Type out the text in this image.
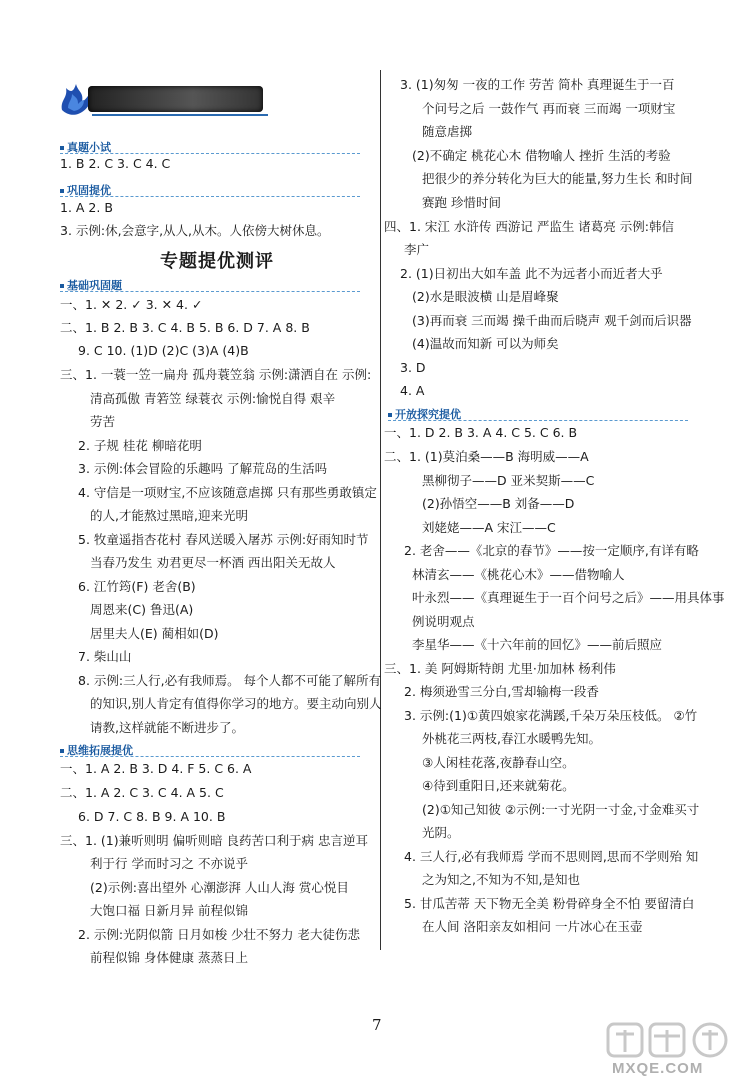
真题小试
1. B 2. C 3. C 4. C
巩固提优
1. A 2. B
3. 示例:休,会意字,从人,从木。人依傍大树休息。
专题提优测评
基础巩固题
一、1. ✕ 2. ✓ 3. ✕ 4. ✓
二、1. B 2. B 3. C 4. B 5. B 6. D 7. A 8. B
9. C 10. (1)D (2)C (3)A (4)B
三、1. 一蓑一笠一扁舟 孤舟蓑笠翁 示例:潇洒自在 示例:
清高孤傲 青箬笠 绿蓑衣 示例:愉悦自得 艰辛
劳苦
2. 子规 桂花 柳暗花明
3. 示例:体会冒险的乐趣吗 了解荒岛的生活吗
4. 守信是一项财宝,不应该随意虐掷 只有那些勇敢镇定
的人,才能熬过黑暗,迎来光明
5. 牧童遥指杏花村 春风送暖入屠苏 示例:好雨知时节
当春乃发生 劝君更尽一杯酒 西出阳关无故人
6. 江竹筠(F) 老舍(B)
周恩来(C) 鲁迅(A)
居里夫人(E) 蔺相如(D)
7. 柴山山
8. 示例:三人行,必有我师焉。 每个人都不可能了解所有
的知识,别人肯定有值得你学习的地方。要主动向别人
请教,这样就能不断进步了。
思维拓展提优
一、1. A 2. B 3. D 4. F 5. C 6. A
二、1. A 2. C 3. C 4. A 5. C
6. D 7. C 8. B 9. A 10. B
三、1. (1)兼听则明 偏听则暗 良药苦口利于病 忠言逆耳
利于行 学而时习之 不亦说乎
(2)示例:喜出望外 心潮澎湃 人山人海 赏心悦目
大饱口福 日新月异 前程似锦
2. 示例:光阴似箭 日月如梭 少壮不努力 老大徒伤悲
前程似锦 身体健康 蒸蒸日上
3. (1)匆匆 一夜的工作 劳苦 简朴 真理诞生于一百
个问号之后 一鼓作气 再而衰 三而竭 一项财宝
随意虐掷
(2)不确定 桃花心木 借物喻人 挫折 生活的考验
把很少的养分转化为巨大的能量,努力生长 和时间
赛跑 珍惜时间
四、1. 宋江 水浒传 西游记 严监生 诸葛亮 示例:韩信
李广
2. (1)日初出大如车盖 此不为远者小而近者大乎
(2)水是眼波横 山是眉峰聚
(3)再而衰 三而竭 操千曲而后晓声 观千剑而后识器
(4)温故而知新 可以为师矣
3. D
4. A
开放探究提优
一、1. D 2. B 3. A 4. C 5. C 6. B
二、1. (1)莫泊桑——B 海明威——A
黑柳彻子——D 亚米契斯——C
(2)孙悟空——B 刘备——D
刘姥姥——A 宋江——C
2. 老舍——《北京的春节》——按一定顺序,有详有略
林清玄——《桃花心木》——借物喻人
叶永烈——《真理诞生于一百个问号之后》——用具体事
例说明观点
李星华——《十六年前的回忆》——前后照应
三、1. 美 阿姆斯特朗 尤里·加加林 杨利伟
2. 梅须逊雪三分白,雪却输梅一段香
3. 示例:(1)①黄四娘家花满蹊,千朵万朵压枝低。 ②竹
外桃花三两枝,春江水暖鸭先知。
③人闲桂花落,夜静春山空。
④待到重阳日,还来就菊花。
(2)①知己知彼 ②示例:一寸光阴一寸金,寸金难买寸
光阴。
4. 三人行,必有我师焉 学而不思则罔,思而不学则殆 知
之为知之,不知为不知,是知也
5. 甘瓜苦蒂 天下物无全美 粉骨碎身全不怕 要留清白
在人间 洛阳亲友如相问 一片冰心在玉壶
7
MXQE.COM
